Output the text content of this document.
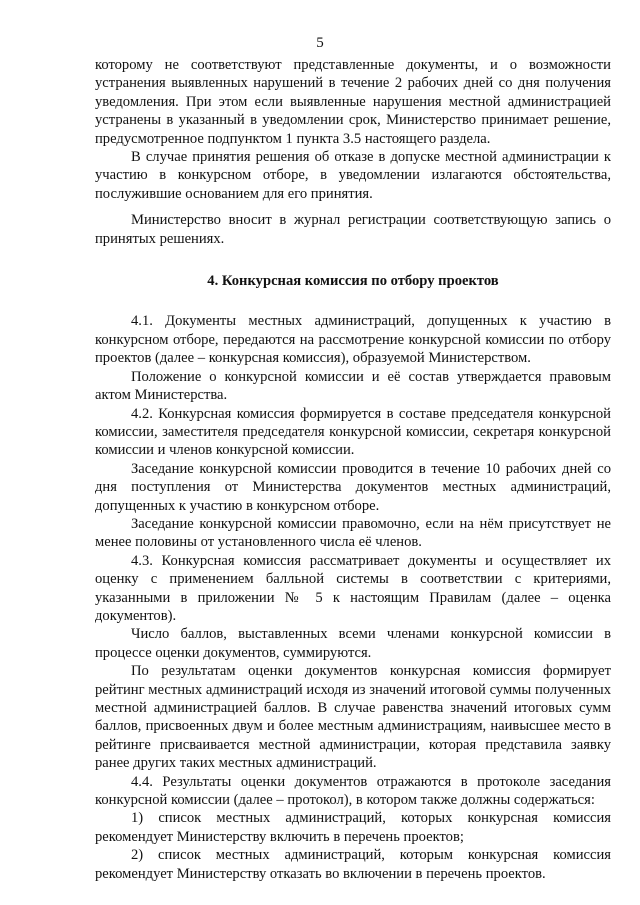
5

которому не соответствуют представленные документы, и о возможности устранения выявленных нарушений в течение 2 рабочих дней со дня получения уведомления. При этом если выявленные нарушения местной администрацией устранены в указанный в уведомлении срок, Министерство принимает решение, предусмотренное подпунктом 1 пункта 3.5 настоящего раздела.

В случае принятия решения об отказе в допуске местной администрации к участию в конкурсном отборе, в уведомлении излагаются обстоятельства, послужившие основанием для его принятия.

Министерство вносит в журнал регистрации соответствующую запись о принятых решениях.

4. Конкурсная комиссия по отбору проектов

4.1. Документы местных администраций, допущенных к участию в конкурсном отборе, передаются на рассмотрение конкурсной комиссии по отбору проектов (далее – конкурсная комиссия), образуемой Министерством.

Положение о конкурсной комиссии и её состав утверждается правовым актом Министерства.

4.2. Конкурсная комиссия формируется в составе председателя конкурсной комиссии, заместителя председателя конкурсной комиссии, секретаря конкурсной комиссии и членов конкурсной комиссии.

Заседание конкурсной комиссии проводится в течение 10 рабочих дней со дня поступления от Министерства документов местных администраций, допущенных к участию в конкурсном отборе.

Заседание конкурсной комиссии правомочно, если на нём присутствует не менее половины от установленного числа её членов.

4.3. Конкурсная комиссия рассматривает документы и осуществляет их оценку с применением балльной системы в соответствии с критериями, указанными в приложении № 5 к настоящим Правилам (далее – оценка документов).

Число баллов, выставленных всеми членами конкурсной комиссии в процессе оценки документов, суммируются.

По результатам оценки документов конкурсная комиссия формирует рейтинг местных администраций исходя из значений итоговой суммы полученных местной администрацией баллов. В случае равенства значений итоговых сумм баллов, присвоенных двум и более местным администрациям, наивысшее место в рейтинге присваивается местной администрации, которая представила заявку ранее других таких местных администраций.

4.4. Результаты оценки документов отражаются в протоколе заседания конкурсной комиссии (далее – протокол), в котором также должны содержаться:

1) список местных администраций, которых конкурсная комиссия рекомендует Министерству включить в перечень проектов;

2) список местных администраций, которым конкурсная комиссия рекомендует Министерству отказать во включении в перечень проектов.
